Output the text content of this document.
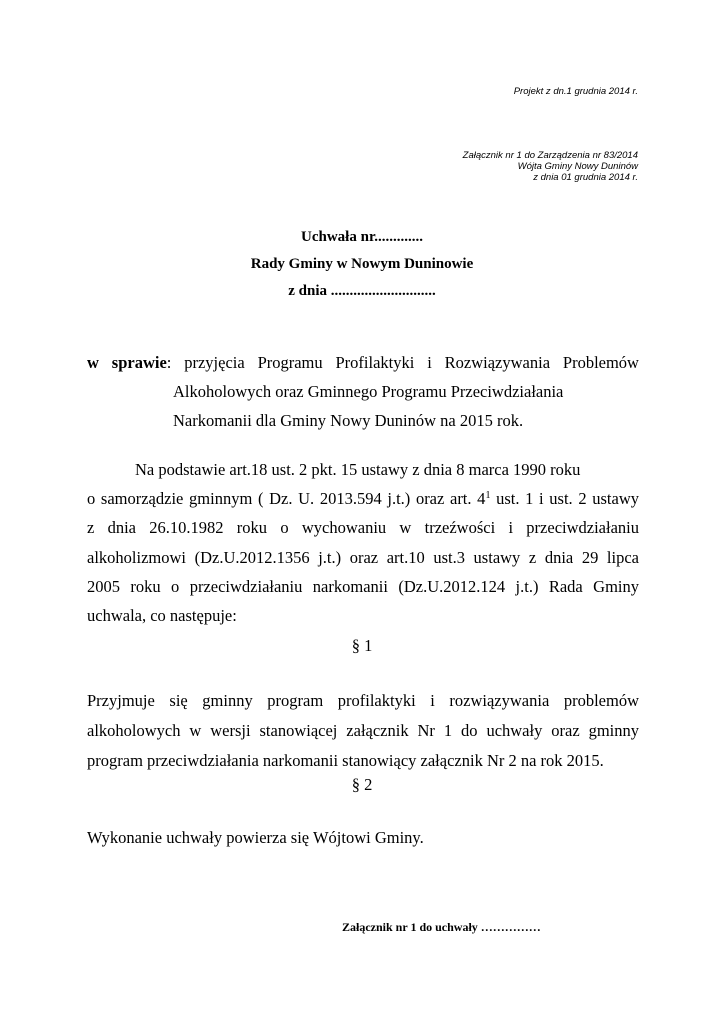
Projekt z dn.1 grudnia 2014 r.
Załącznik nr 1 do Zarządzenia nr 83/2014
Wójta Gminy Nowy Duninów
z dnia 01 grudnia 2014 r.
Uchwała nr.............
Rady Gminy w Nowym Duninowie
z dnia ............................
w sprawie: przyjęcia Programu Profilaktyki i Rozwiązywania Problemów
Alkoholowych oraz Gminnego Programu Przeciwdziałania
Narkomanii dla Gminy Nowy Duninów na 2015 rok.
Na podstawie art.18 ust. 2 pkt. 15 ustawy z dnia 8 marca 1990 roku
o samorządzie gminnym ( Dz. U. 2013.594 j.t.) oraz art. $4^1$ ust. 1 i ust. 2 ustawy
z dnia 26.10.1982 roku o wychowaniu w trzeźwości i przeciwdziałaniu
alkoholizmowi (Dz.U.2012.1356 j.t.) oraz art.10 ust.3 ustawy z dnia 29 lipca
2005 roku o przeciwdziałaniu narkomanii (Dz.U.2012.124 j.t.) Rada Gminy
uchwala, co następuje:
§ 1
Przyjmuje się gminny program profilaktyki i rozwiązywania problemów
alkoholowych w wersji stanowiącej załącznik Nr 1 do uchwały oraz gminny
program przeciwdziałania narkomanii stanowiący załącznik Nr 2 na rok 2015.
§ 2
Wykonanie uchwały powierza się Wójtowi Gminy.
Załącznik nr 1 do uchwały ……………
